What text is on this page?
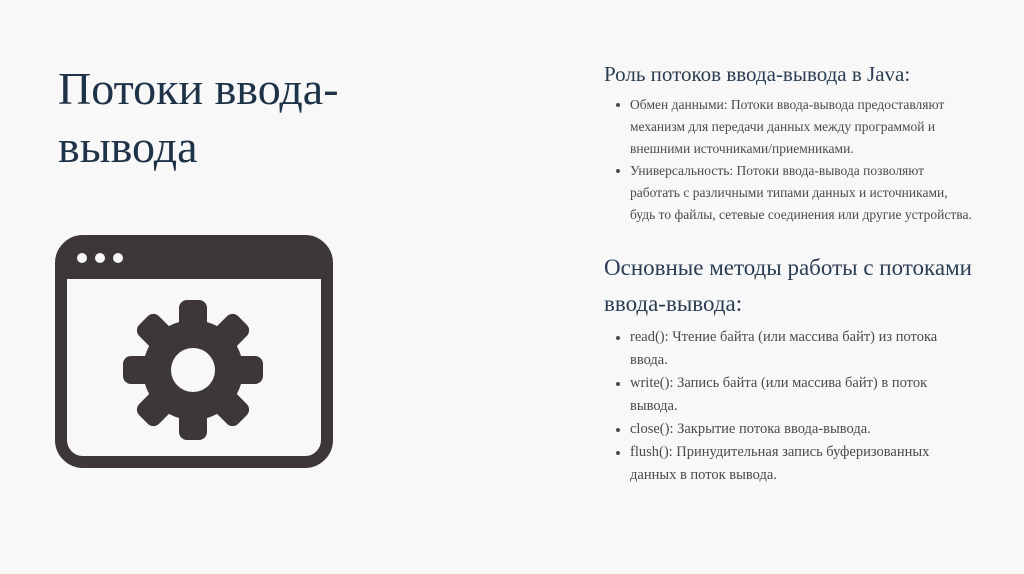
Потоки ввода-вывода
Роль потоков ввода-вывода в Java:
Обмен данными: Потоки ввода-вывода предоставляют механизм для передачи данных между программой и внешними источниками/приемниками.
Универсальность: Потоки ввода-вывода позволяют работать с различными типами данных и источниками, будь то файлы, сетевые соединения или другие устройства.
Основные методы работы с потоками ввода-вывода:
read(): Чтение байта (или массива байт) из потока ввода.
write(): Запись байта (или массива байт) в поток вывода.
close(): Закрытие потока ввода-вывода.
flush(): Принудительная запись буферизованных данных в поток вывода.
